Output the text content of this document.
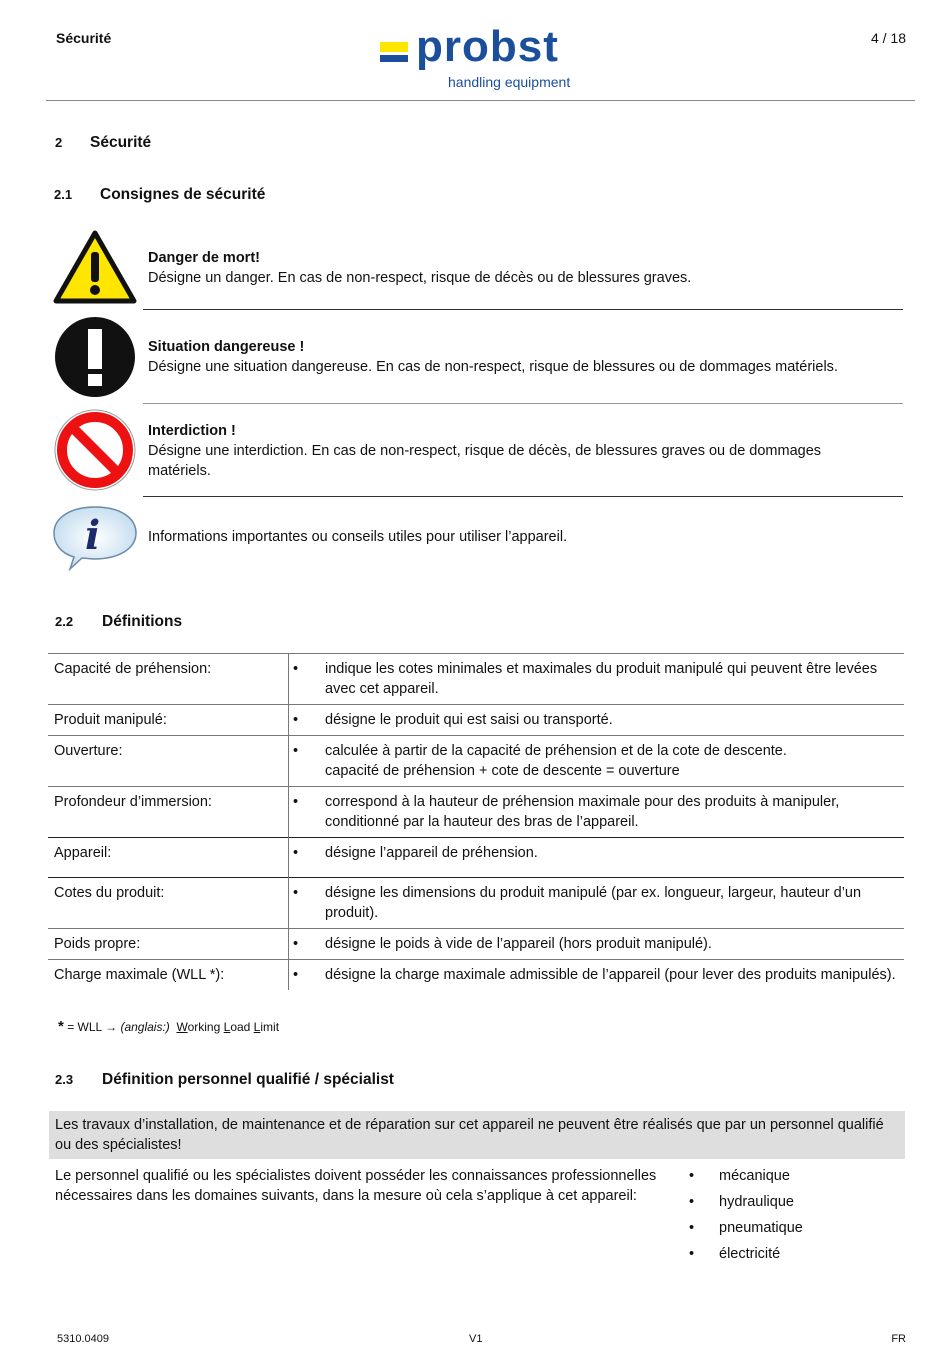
Sécurité	probst
handling equipment
4 / 18
2 Sécurité
2.1 Consignes de sécurité
i
Danger de mort!
Désigne un danger. En cas de non-respect, risque de décès ou de blessures graves.
Situation dangereuse !
Désigne une situation dangereuse. En cas de non-respect, risque de blessures ou de dommages matériels.
Interdiction !
Désigne une interdiction. En cas de non-respect, risque de décès, de blessures graves ou de dommages matériels.
Informations importantes ou conseils utiles pour utiliser l’appareil.
2.2 Définitions
Capacité de préhension:	•	indique les cotes minimales et maximales du produit manipulé qui peuvent être levées avec cet appareil.
Produit manipulé:	•	désigne le produit qui est saisi ou transporté.
Ouverture:	•	calculée à partir de la capacité de préhension et de la cote de descente.
capacité de préhension + cote de descente = ouverture

Profondeur d’immersion:	•	correspond à la hauteur de préhension maximale pour des produits à manipuler, conditionné par la hauteur des bras de l’appareil.
Appareil:	•	désigne l’appareil de préhension.
Cotes du produit:	•	désigne les dimensions du produit manipulé (par ex. longueur, largeur, hauteur d’un produit).
Poids propre:	•	désigne le poids à vide de l’appareil (hors produit manipulé).
Charge maximale (WLL *):	•	désigne la charge maximale admissible de l’appareil (pour lever des produits manipulés).
* = WLL → (anglais:) Working Load Limit
2.3 Définition personnel qualifié / spécialist
Les travaux d’installation, de maintenance et de réparation sur cet appareil ne peuvent être réalisés que par un personnel qualifié ou des spécialistes!
Le personnel qualifié ou les spécialistes doivent posséder les connaissances professionnelles nécessaires dans les domaines suivants, dans la mesure où cela s’applique à cet appareil:
• mécanique
• hydraulique
• pneumatique
• électricité
5310.0409	V1	FR
